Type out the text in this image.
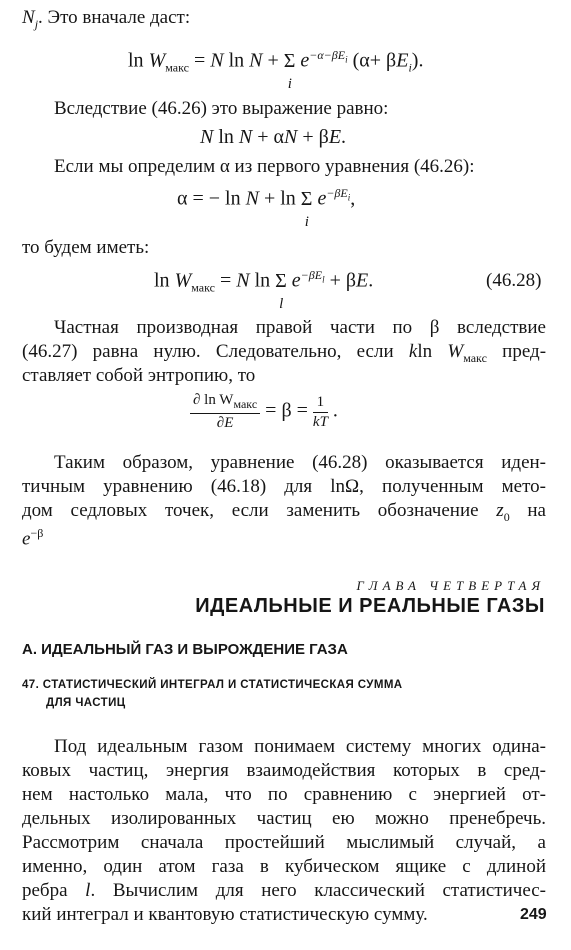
$N_j$. Это вначале даст:
$\ln W_{макс} = N$ ln N + Σ
i
$e^{-\alpha-\beta E_i}$ $(\alpha+ \beta E_i)$.
Вследствие (46.26) это выражение равно:
N ln N + αN + βE.
Если мы определим α из первого уравнения (46.26):
α = − ln N + ln Σ
i
$e^{-\beta E_i}$,
то будем иметь:
$\ln W_{макс} = N$ ln Σ
l
$e^{-\beta E_l} + \beta E$.	(46.28)
Частная производная правой части по β вследствие
(46.27) равна нулю. Следовательно, если kln $W_{макс}$ пред-
ставляет собой энтропию, то
$\frac{\partial \ln W_{макс}}{\partial E} = \beta = \frac{1}{kT}$ .
Таким образом, уравнение (46.28) оказывается иден-
тичным уравнению (46.18) для lnΩ, полученным мето-
дом седловых точек, если заменить обозначение $z_0$ на
$e^{-\beta}$
ГЛАВА ЧЕТВЕРТАЯ
ИДЕАЛЬНЫЕ И РЕАЛЬНЫЕ ГАЗЫ
А. ИДЕАЛЬНЫЙ ГАЗ И ВЫРОЖДЕНИЕ ГАЗА
47. СТАТИСТИЧЕСКИЙ ИНТЕГРАЛ И СТАТИСТИЧЕСКАЯ СУММА
ДЛЯ ЧАСТИЦ
Под идеальным газом понимаем систему многих одина-
ковых частиц, энергия взаимодействия которых в сред-
нем настолько мала, что по сравнению с энергией от-
дельных изолированных частиц ею можно пренебречь.
Рассмотрим сначала простейший мыслимый случай, а
именно, один атом газа в кубическом ящике с длиной
ребра l. Вычислим для него классический статистичес-
кий интеграл и квантовую статистическую сумму.	249
